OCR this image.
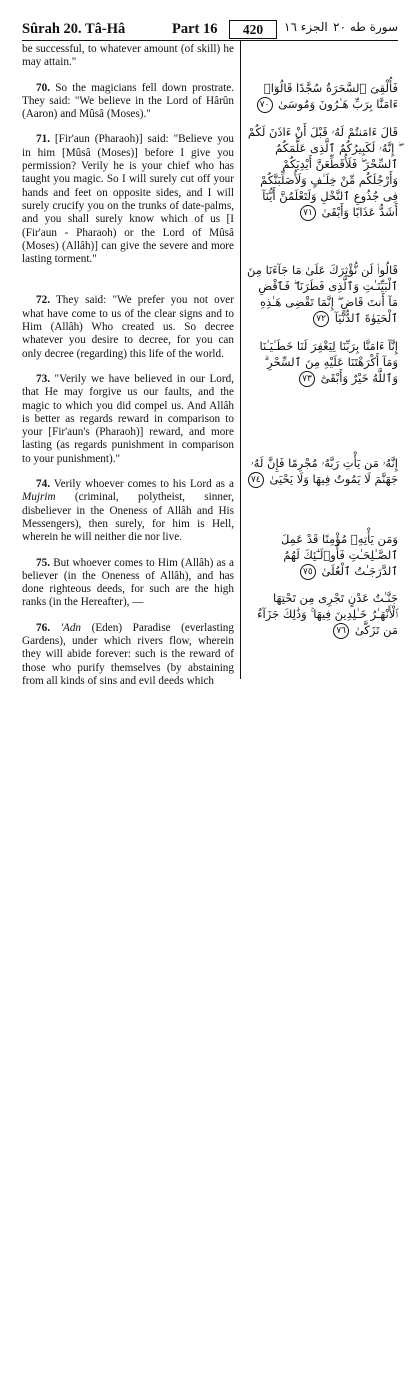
Sûrah 20. Tâ-Hâ	Part 16	420	الجزء ١٦ سورة طه ٢٠

be successful, to whatever amount (of skill) he may attain."

70. So the magicians fell down prostrate. They said: "We believe in the Lord of Hârûn (Aaron) and Mûsâ (Moses)."

71. [Fir'aun (Pharaoh)] said: "Believe you in him [Mûsâ (Moses)] before I give you permission? Verily he is your chief who has taught you magic. So I will surely cut off your hands and feet on opposite sides, and I will surely crucify you on the trunks of date-palms, and you shall surely know which of us [I (Fir'aun - Pharaoh) or the Lord of Mûsâ (Moses) (Allâh)] can give the severe and more lasting torment."

72. They said: "We prefer you not over what have come to us of the clear signs and to Him (Allâh) Who created us. So decree whatever you desire to decree, for you can only decree (regarding) this life of the world.

73. "Verily we have believed in our Lord, that He may forgive us our faults, and the magic to which you did compel us. And Allâh is better as regards reward in comparison to your [Fir'aun's (Pharaoh)] reward, and more lasting (as regards punishment in comparison to your punishment)."

74. Verily whoever comes to his Lord as a Mujrim (criminal, polytheist, sinner, disbeliever in the Oneness of Allâh and His Messengers), then surely, for him is Hell, wherein he will neither die nor live.

75. But whoever comes to Him (Allâh) as a believer (in the Oneness of Allâh), and has done righteous deeds, for such are the high ranks (in the Hereafter), —

76. 'Adn (Eden) Paradise (everlasting Gardens), under which rivers flow, wherein they will abide forever: such is the reward of those who purify themselves (by abstaining from all kinds of sins and evil deeds which

فَأُلْقِىَ ٱلسَّحَرَةُ سُجَّدًا قَالُوٓا۟ ءَامَنَّا بِرَبِّ هَـٰرُونَ وَمُوسَىٰ ٧٠
قَالَ ءَامَنتُمْ لَهُۥ قَبْلَ أَنْ ءَاذَنَ لَكُمْ ۖ إِنَّهُۥ لَكَبِيرُكُمُ ٱلَّذِى عَلَّمَكُمُ ٱلسِّحْرَ ۖ فَلَأُقَطِّعَنَّ أَيْدِيَكُمْ وَأَرْجُلَكُم مِّنْ خِلَـٰفٍ وَلَأُصَلِّبَنَّكُمْ فِى جُذُوعِ ٱلنَّخْلِ وَلَتَعْلَمُنَّ أَيُّنَآ أَشَدُّ عَذَابًا وَأَبْقَىٰ ٧١
قَالُوا۟ لَن نُّؤْثِرَكَ عَلَىٰ مَا جَآءَنَا مِنَ ٱلْبَيِّنَـٰتِ وَٱلَّذِى فَطَرَنَا ۖ فَٱقْضِ مَآ أَنتَ قَاضٍ ۖ إِنَّمَا تَقْضِى هَـٰذِهِ ٱلْحَيَوٰةَ ٱلدُّنْيَآ ٧٢
إِنَّآ ءَامَنَّا بِرَبِّنَا لِيَغْفِرَ لَنَا خَطَـٰيَـٰنَا وَمَآ أَكْرَهْتَنَا عَلَيْهِ مِنَ ٱلسِّحْرِ ۗ وَٱللَّهُ خَيْرٌ وَأَبْقَىٰٓ ٧٣
إِنَّهُۥ مَن يَأْتِ رَبَّهُۥ مُجْرِمًا فَإِنَّ لَهُۥ جَهَنَّمَ لَا يَمُوتُ فِيهَا وَلَا يَحْيَىٰ ٧٤
وَمَن يَأْتِهِۦ مُؤْمِنًا قَدْ عَمِلَ ٱلصَّـٰلِحَـٰتِ فَأُو۟لَـٰٓئِكَ لَهُمُ ٱلدَّرَجَـٰتُ ٱلْعُلَىٰ ٧٥
جَنَّـٰتُ عَدْنٍ تَجْرِى مِن تَحْتِهَا ٱلْأَنْهَـٰرُ خَـٰلِدِينَ فِيهَا ۚ وَذَٰلِكَ جَزَآءُ مَن تَزَكَّىٰ ٧٦
